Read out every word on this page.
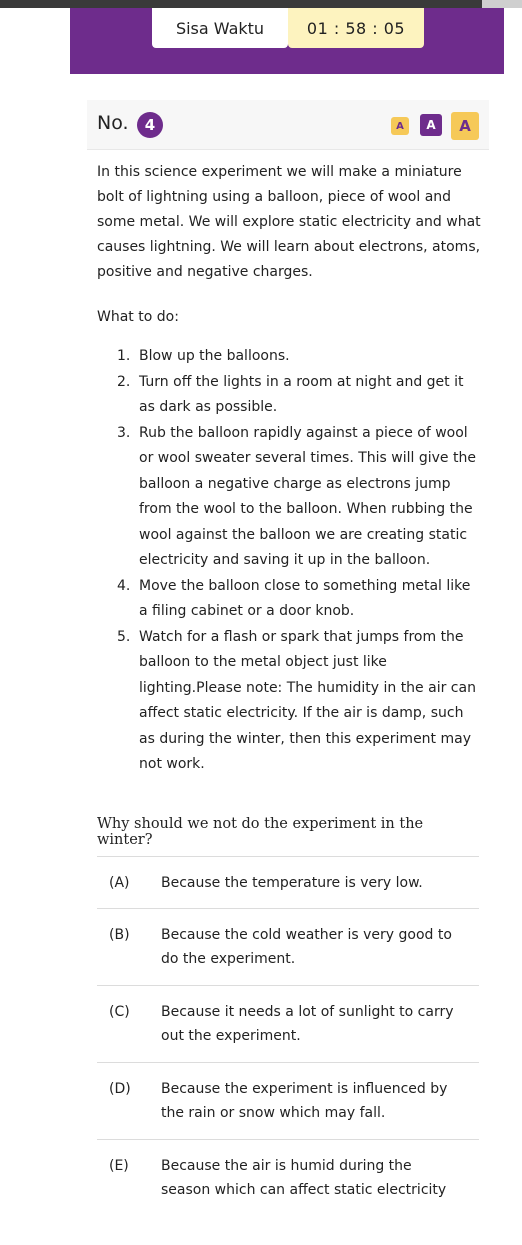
Sisa Waktu	01 : 58 : 05
No.	4	A	A	A

In this science experiment we will make a miniature bolt of lightning using a balloon, piece of wool and some metal. We will explore static electricity and what causes lightning. We will learn about electrons, atoms, positive and negative charges.

What to do:

1. Blow up the balloons.
2. Turn off the lights in a room at night and get it as dark as possible.
3. Rub the balloon rapidly against a piece of wool or wool sweater several times. This will give the balloon a negative charge as electrons jump from the wool to the balloon. When rubbing the wool against the balloon we are creating static electricity and saving it up in the balloon.
4. Move the balloon close to something metal like a filing cabinet or a door knob.
5. Watch for a flash or spark that jumps from the balloon to the metal object just like lighting.Please note: The humidity in the air can affect static electricity. If the air is damp, such as during the winter, then this experiment may not work.

Why should we not do the experiment in the winter?

(A) Because the temperature is very low.
(B) Because the cold weather is very good to do the experiment.
(C) Because it needs a lot of sunlight to carry out the experiment.
(D) Because the experiment is influenced by the rain or snow which may fall.
(E) Because the air is humid during the season which can affect static electricity
